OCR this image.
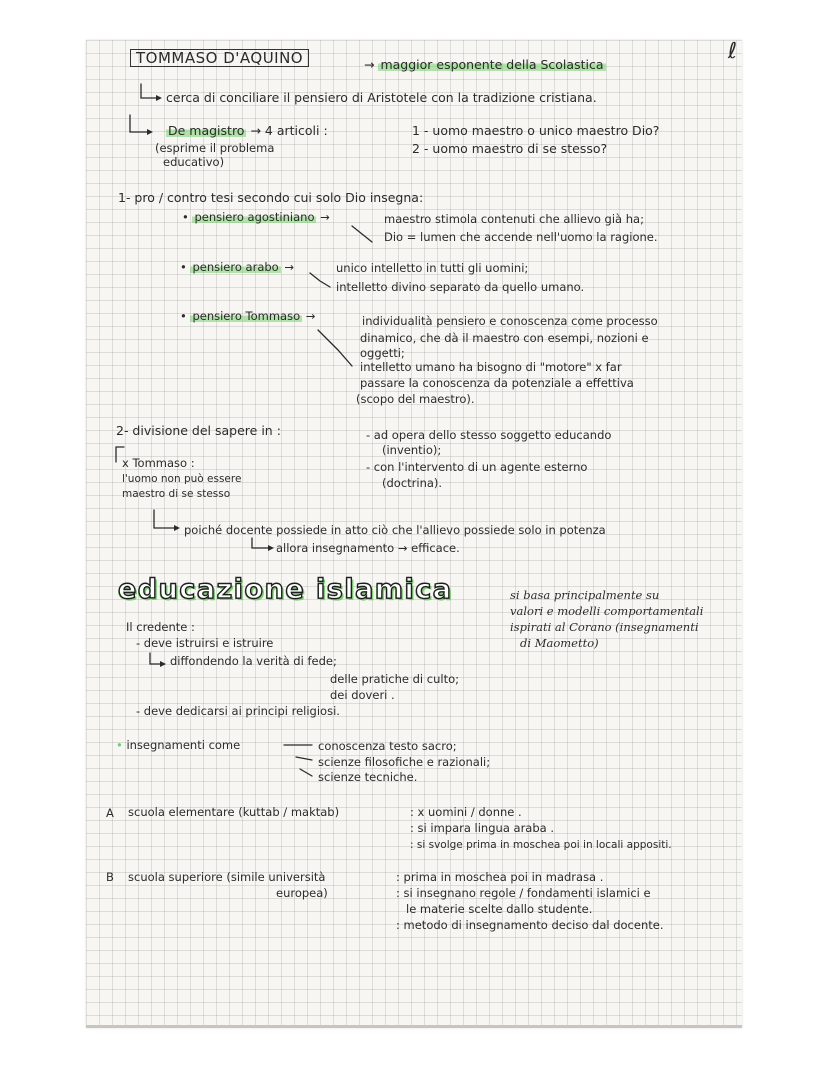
TOMMASO D'AQUINO	→ maggior esponente della Scolastica
ℓ
cerca di conciliare il pensiero di Aristotele con la tradizione cristiana.
De magistro → 4 articoli :
(esprime il problema
educativo)
1 - uomo maestro o unico maestro Dio?
2 - uomo maestro di se stesso?
1- pro / contro tesi secondo cui solo Dio insegna:
• pensiero agostiniano →	maestro stimola contenuti che allievo già ha;
Dio = lumen che accende nell'uomo la ragione.
• pensiero arabo →	unico intelletto in tutti gli uomini;
intelletto divino separato da quello umano.
• pensiero Tommaso →	individualità pensiero e conoscenza come processo
dinamico, che dà il maestro con esempi, nozioni e
oggetti;
intelletto umano ha bisogno di "motore" x far
passare la conoscenza da potenziale a effettiva
(scopo del maestro).
2- divisione del sapere in :	- ad opera dello stesso soggetto educando
(inventio);
- con l'intervento di un agente esterno
(doctrina).
x Tommaso :
l'uomo non può essere
maestro di se stesso
poiché docente possiede in atto ciò che l'allievo possiede solo in potenza
allora insegnamento → efficace.
educazione islamica	si basa principalmente su
valori e modelli comportamentali
ispirati al Corano (insegnamenti
di Maometto)
Il credente :
- deve istruirsi e istruire
diffondendo la verità di fede;
delle pratiche di culto;
dei doveri .
- deve dedicarsi ai principi religiosi.
• insegnamenti come	conoscenza testo sacro;
scienze filosofiche e razionali;
scienze tecniche.
A scuola elementare (kuttab / maktab)	: x uomini / donne .
: si impara lingua araba .
: si svolge prima in moschea poi in locali appositi.
B scuola superiore (simile università
europea)
: prima in moschea poi in madrasa .
: si insegnano regole / fondamenti islamici e
le materie scelte dallo studente.
: metodo di insegnamento deciso dal docente.
